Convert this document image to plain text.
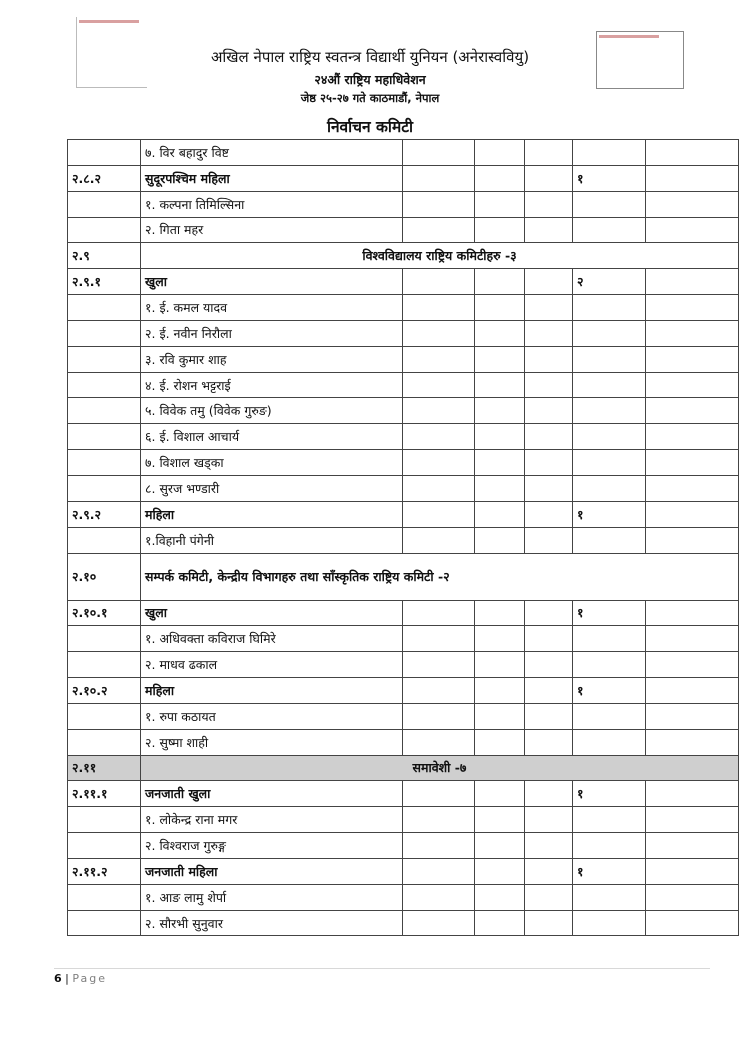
अखिल नेपाल राष्ट्रिय स्वतन्त्र विद्यार्थी युनियन (अनेरास्ववियु)
२४औं राष्ट्रिय महाधिवेशन
जेष्ठ २५-२७ गते काठमाडौं, नेपाल
निर्वाचन कमिटी
	७. विर बहादुर विष्ट					
२.८.२	सुदूरपश्चिम महिला				१	
	१. कल्पना तिमिल्सिना					
	२. गिता महर					
२.९	विश्वविद्यालय राष्ट्रिय कमिटीहरु -३					
२.९.१	खुला				२	
	१. ई. कमल यादव					
	२. ई. नवीन निरौला					
	३. रवि कुमार शाह					
	४. ई. रोशन भट्टराई					
	५. विवेक तमु (विवेक गुरुङ)					
	६. ई. विशाल आचार्य					
	७. विशाल खड्का					
	८. सुरज भण्डारी					
२.९.२	महिला				१	
	१.विहानी पंगेनी					
२.१०	सम्पर्क कमिटी, केन्द्रीय विभागहरु तथा साँस्कृतिक राष्ट्रिय कमिटी -२					
२.१०.१	खुला				१	
	१. अधिवक्ता कविराज घिमिरे					
	२. माधव ढकाल					
२.१०.२	महिला				१	
	१. रुपा कठायत					
	२. सुष्मा शाही					
२.११	समावेशी -७					
२.११.१	जनजाती खुला				१	
	१. लोकेन्द्र राना मगर					
	२. विश्वराज गुरुङ्ग					
२.११.२	जनजाती महिला				१	
	१. आङ लामु शेर्पा					
	२. सौरभी सुनुवार					
6 | Page
